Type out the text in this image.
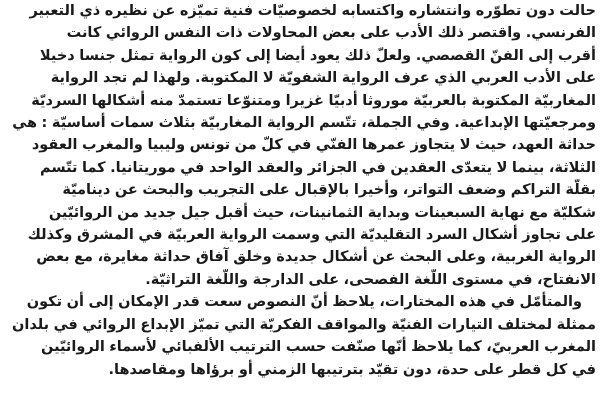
حالت دون تطوّره وانتشاره واكتسابه لخصوصيّات فنية تميّزه عن نظيره ذي التعبير
الفرنسي. واقتصر ذلك الأدب على بعض المحاولات ذات النفس الروائي كانت
أقرب إلى الفنّ القصصي. ولعلّ ذلك يعود أيضا إلى كون الرواية تمثل جنسا دخيلا
على الأدب العربي الذي عرف الرواية الشفويّة لا المكتوبة. ولهذا لم تجد الرواية
المغاربيّة المكتوبة بالعربيّة موروثا أدبيّا غزيرا ومتنوّعا تستمدّ منه أشكالها السرديّة
ومرجعيّتها الإبداعية. وفي الجملة، تتّسم الرواية المغاربيّة بثلاث سمات أساسيّة : هي
حداثة العهد، حيث لا يتجاوز عمرها الفنّي في كلّ من تونس وليبيا والمغرب العقود
الثلاثة، بينما لا يتعدّى العقدين في الجزائر والعقد الواحد في موريتانيا. كما تتّسم
بقلّة التراكم وضعف التواتر، وأخيرا بالإقبال على التجريب والبحث عن ديناميّة
شكليّة مع نهاية السبعينات وبداية الثمانينات، حيث أقبل جيل جديد من الروائيّين
على تجاوز أشكال السرد التقليديّة التي وسمت الرواية العربيّة في المشرق وكذلك
الرواية الغربية، وعلى البحث عن أشكال جديدة وخلق آفاق حداثة مغايرة، مع بعض
الانفتاح، في مستوى اللّغة الفصحى، على الدارجة واللّغة التراثيّة.

والمتأمّل في هذه المختارات، يلاحظ أنّ النصوص سعت قدر الإمكان إلى أن تكون
ممثلة لمختلف التيارات الفنيّة والمواقف الفكريّة التي تميّز الإبداع الروائي في بلدان
المغرب العربيّ، كما يلاحظ أنّها صنّفت حسب الترتيب الألفبائي لأسماء الروائيّين
في كل قطر على حدة، دون تقيّد بترتيبها الزمني أو برؤاها ومقاصدها.
